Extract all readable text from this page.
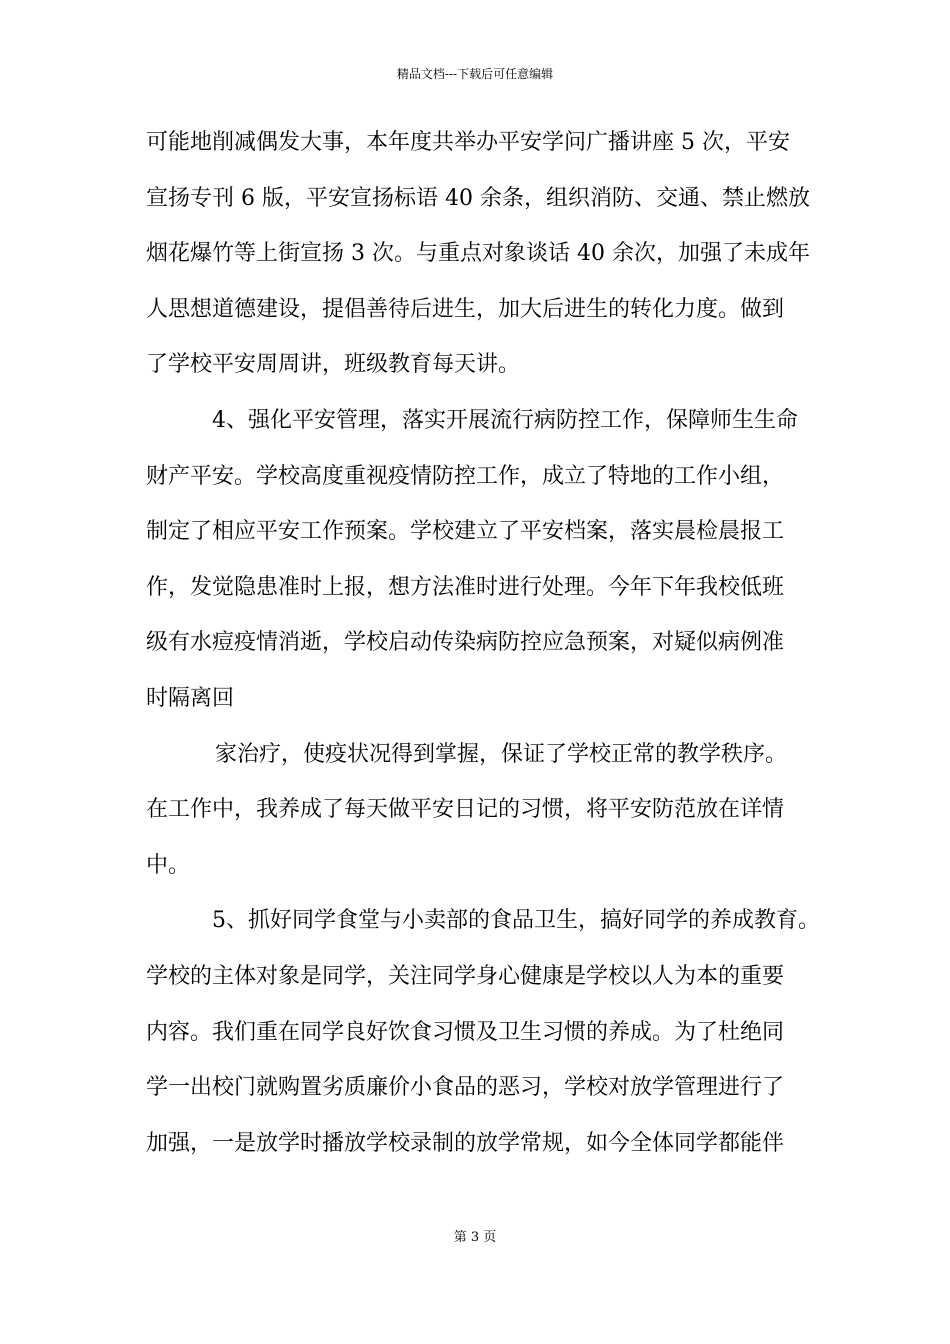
精品文档---下载后可任意编辑
可能地削减偶发大事，本年度共举办平安学问广播讲座 5 次，平安
宣扬专刊 6 版，平安宣扬标语 40 余条，组织消防、交通、禁止燃放
烟花爆竹等上街宣扬 3 次。与重点对象谈话 40 余次，加强了未成年
人思想道德建设，提倡善待后进生，加大后进生的转化力度。做到
了学校平安周周讲，班级教育每天讲。
4、强化平安管理，落实开展流行病防控工作，保障师生生命
财产平安。学校高度重视疫情防控工作，成立了特地的工作小组，
制定了相应平安工作预案。学校建立了平安档案，落实晨检晨报工
作，发觉隐患准时上报，想方法准时进行处理。今年下年我校低班
级有水痘疫情消逝，学校启动传染病防控应急预案，对疑似病例准
时隔离回
家治疗，使疫状况得到掌握，保证了学校正常的教学秩序。
在工作中，我养成了每天做平安日记的习惯，将平安防范放在详情
中。
5、抓好同学食堂与小卖部的食品卫生，搞好同学的养成教育。
学校的主体对象是同学，关注同学身心健康是学校以人为本的重要
内容。我们重在同学良好饮食习惯及卫生习惯的养成。为了杜绝同
学一出校门就购置劣质廉价小食品的恶习，学校对放学管理进行了
加强，一是放学时播放学校录制的放学常规，如今全体同学都能伴
第 3 页
